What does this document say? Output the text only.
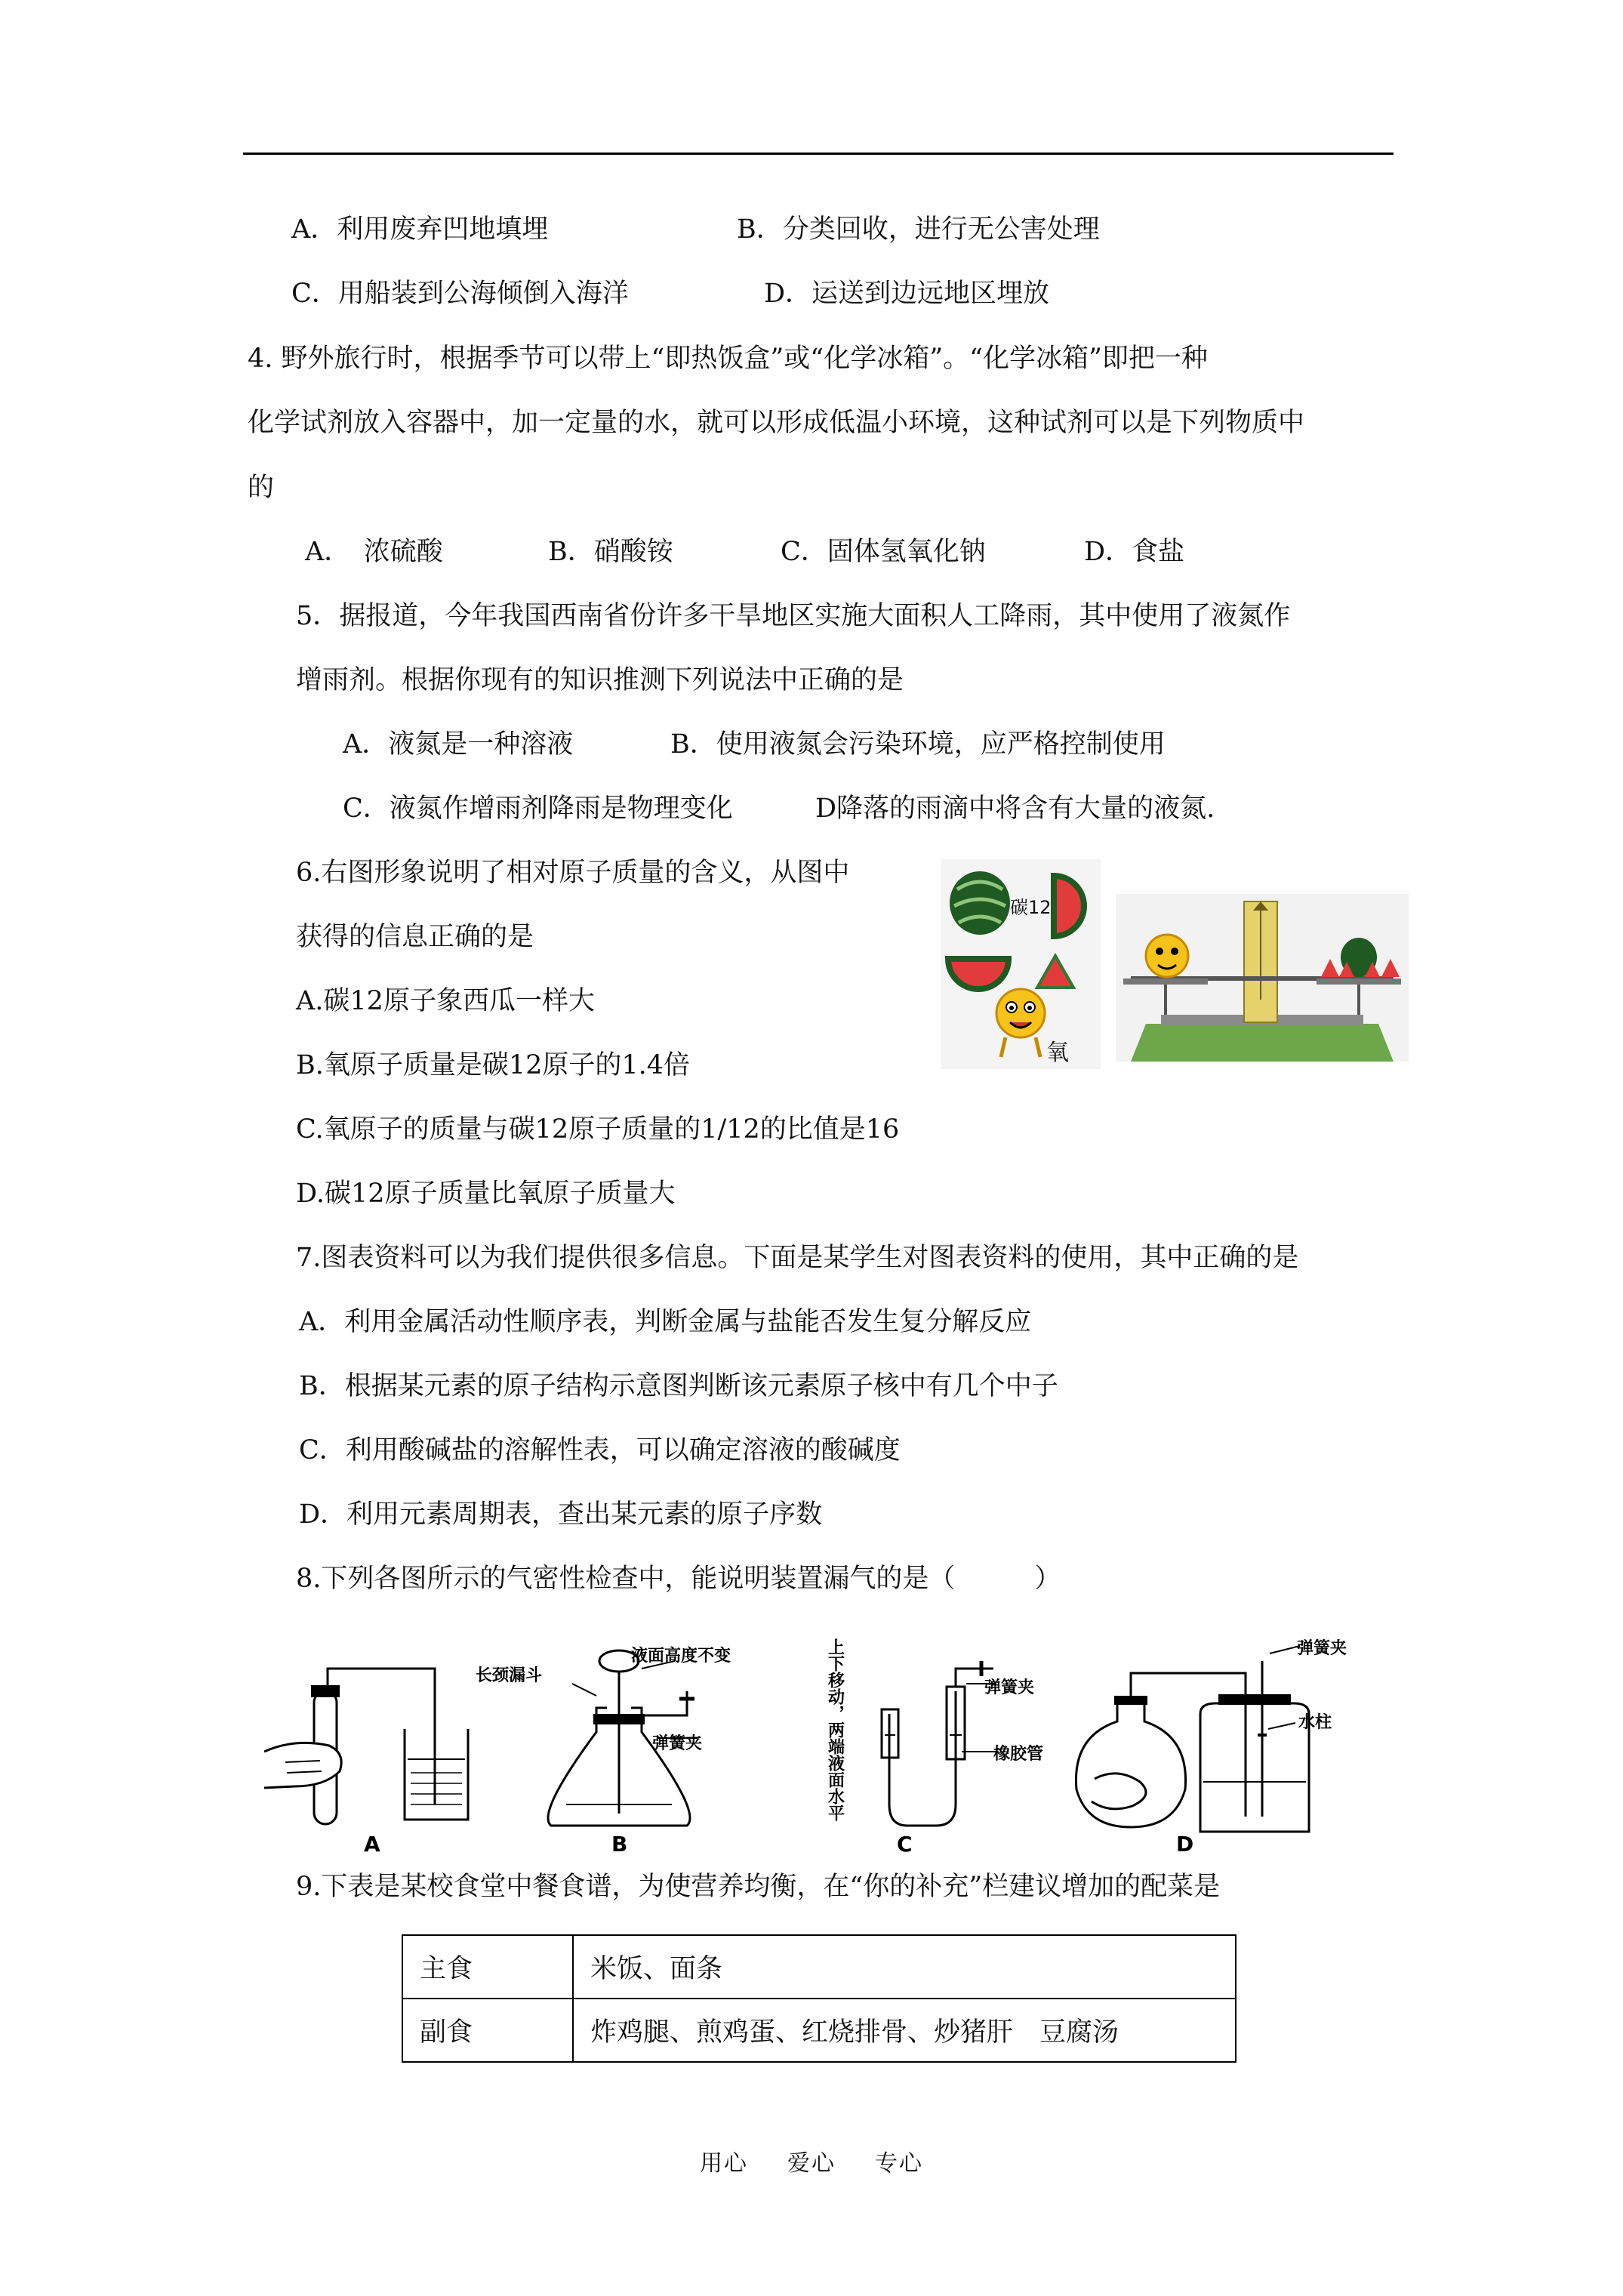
A．利用废弃凹地填埋	B．分类回收，进行无公害处理
C．用船装到公海倾倒入海洋	D．运送到边远地区埋放
4. 野外旅行时，根据季节可以带上“即热饭盒”或“化学冰箱”。“化学冰箱”即把一种
化学试剂放入容器中，加一定量的水，就可以形成低温小环境，这种试剂可以是下列物质中
的
A．　浓硫酸	B．硝酸铵	C．固体氢氧化钠	D．食盐
5．据报道，今年我国西南省份许多干旱地区实施大面积人工降雨，其中使用了液氮作
增雨剂。根据你现有的知识推测下列说法中正确的是
A．液氮是一种溶液	B．使用液氮会污染环境，应严格控制使用
C．液氮作增雨剂降雨是物理变化	D降落的雨滴中将含有大量的液氮.
6.右图形象说明了相对原子质量的含义，从图中
获得的信息正确的是
A.碳12原子象西瓜一样大
B.氧原子质量是碳12原子的1.4倍
C.氧原子的质量与碳12原子质量的1/12的比值是16
D.碳12原子质量比氧原子质量大
碳12
氧
7.图表资料可以为我们提供很多信息。下面是某学生对图表资料的使用，其中正确的是
A．利用金属活动性顺序表，判断金属与盐能否发生复分解反应
B．根据某元素的原子结构示意图判断该元素原子核中有几个中子
C．利用酸碱盐的溶解性表，可以确定溶液的酸碱度
D．利用元素周期表，查出某元素的原子序数
8.下列各图所示的气密性检查中，能说明装置漏气的是（　　　）
A
长颈漏斗
液面高度不变
弹簧夹
B
上下移动，两端液面水平	弹簧夹
橡胶管
C
弹簧夹
水柱
D
9.下表是某校食堂中餐食谱，为使营养均衡，在“你的补充”栏建议增加的配菜是
主食	米饭、面条
副食	炸鸡腿、煎鸡蛋、红烧排骨、炒猪肝　豆腐汤
用心 爱心 专心
